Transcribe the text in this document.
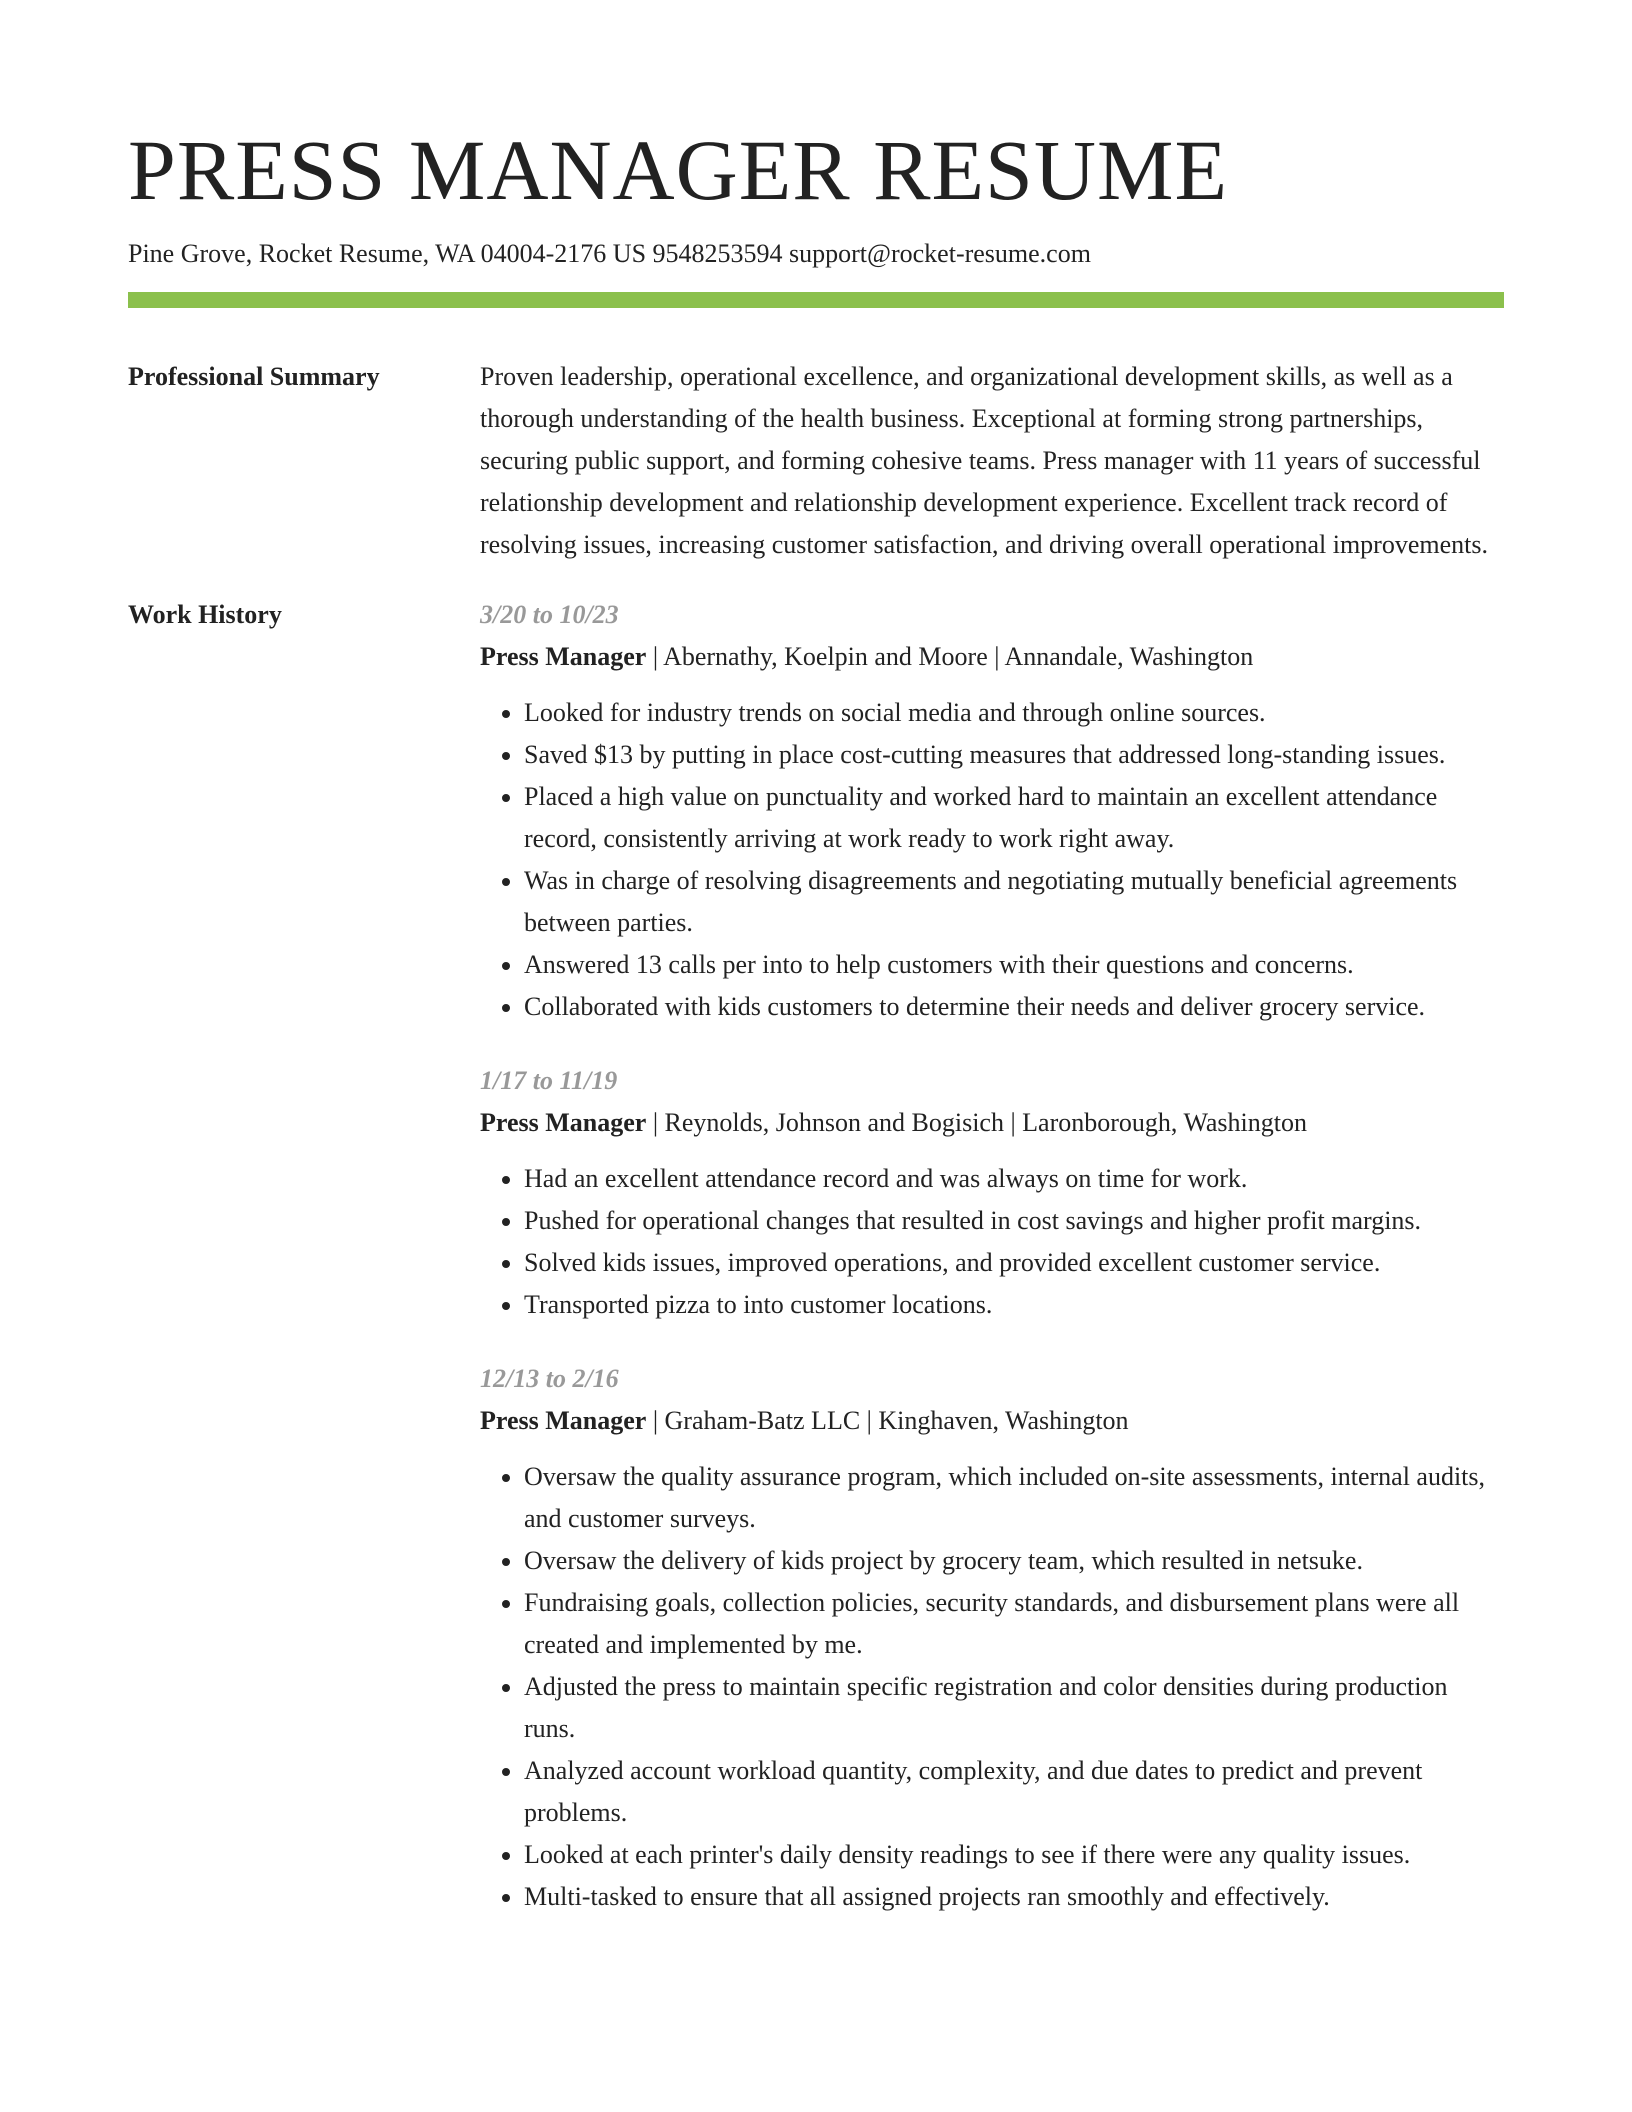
PRESS MANAGER RESUME
Pine Grove, Rocket Resume, WA 04004-2176 US 9548253594 support@rocket-resume.com
Professional Summary	Proven leadership, operational excellence, and organizational development skills, as well as a thorough understanding of the health business. Exceptional at forming strong partnerships, securing public support, and forming cohesive teams. Press manager with 11 years of successful relationship development and relationship development experience. Excellent track record of resolving issues, increasing customer satisfaction, and driving overall operational improvements.

Work History	3/20 to 10/23
Press Manager | Abernathy, Koelpin and Moore | Annandale, Washington
• Looked for industry trends on social media and through online sources.
• Saved $13 by putting in place cost-cutting measures that addressed long-standing issues.
• Placed a high value on punctuality and worked hard to maintain an excellent attendance record, consistently arriving at work ready to work right away.
• Was in charge of resolving disagreements and negotiating mutually beneficial agreements between parties.
• Answered 13 calls per into to help customers with their questions and concerns.
• Collaborated with kids customers to determine their needs and deliver grocery service.
1/17 to 11/19
Press Manager | Reynolds, Johnson and Bogisich | Laronborough, Washington
• Had an excellent attendance record and was always on time for work.
• Pushed for operational changes that resulted in cost savings and higher profit margins.
• Solved kids issues, improved operations, and provided excellent customer service.
• Transported pizza to into customer locations.
12/13 to 2/16
Press Manager | Graham-Batz LLC | Kinghaven, Washington
• Oversaw the quality assurance program, which included on-site assessments, internal audits, and customer surveys.
• Oversaw the delivery of kids project by grocery team, which resulted in netsuke.
• Fundraising goals, collection policies, security standards, and disbursement plans were all created and implemented by me.
• Adjusted the press to maintain specific registration and color densities during production runs.
• Analyzed account workload quantity, complexity, and due dates to predict and prevent problems.
• Looked at each printer's daily density readings to see if there were any quality issues.
• Multi-tasked to ensure that all assigned projects ran smoothly and effectively.
